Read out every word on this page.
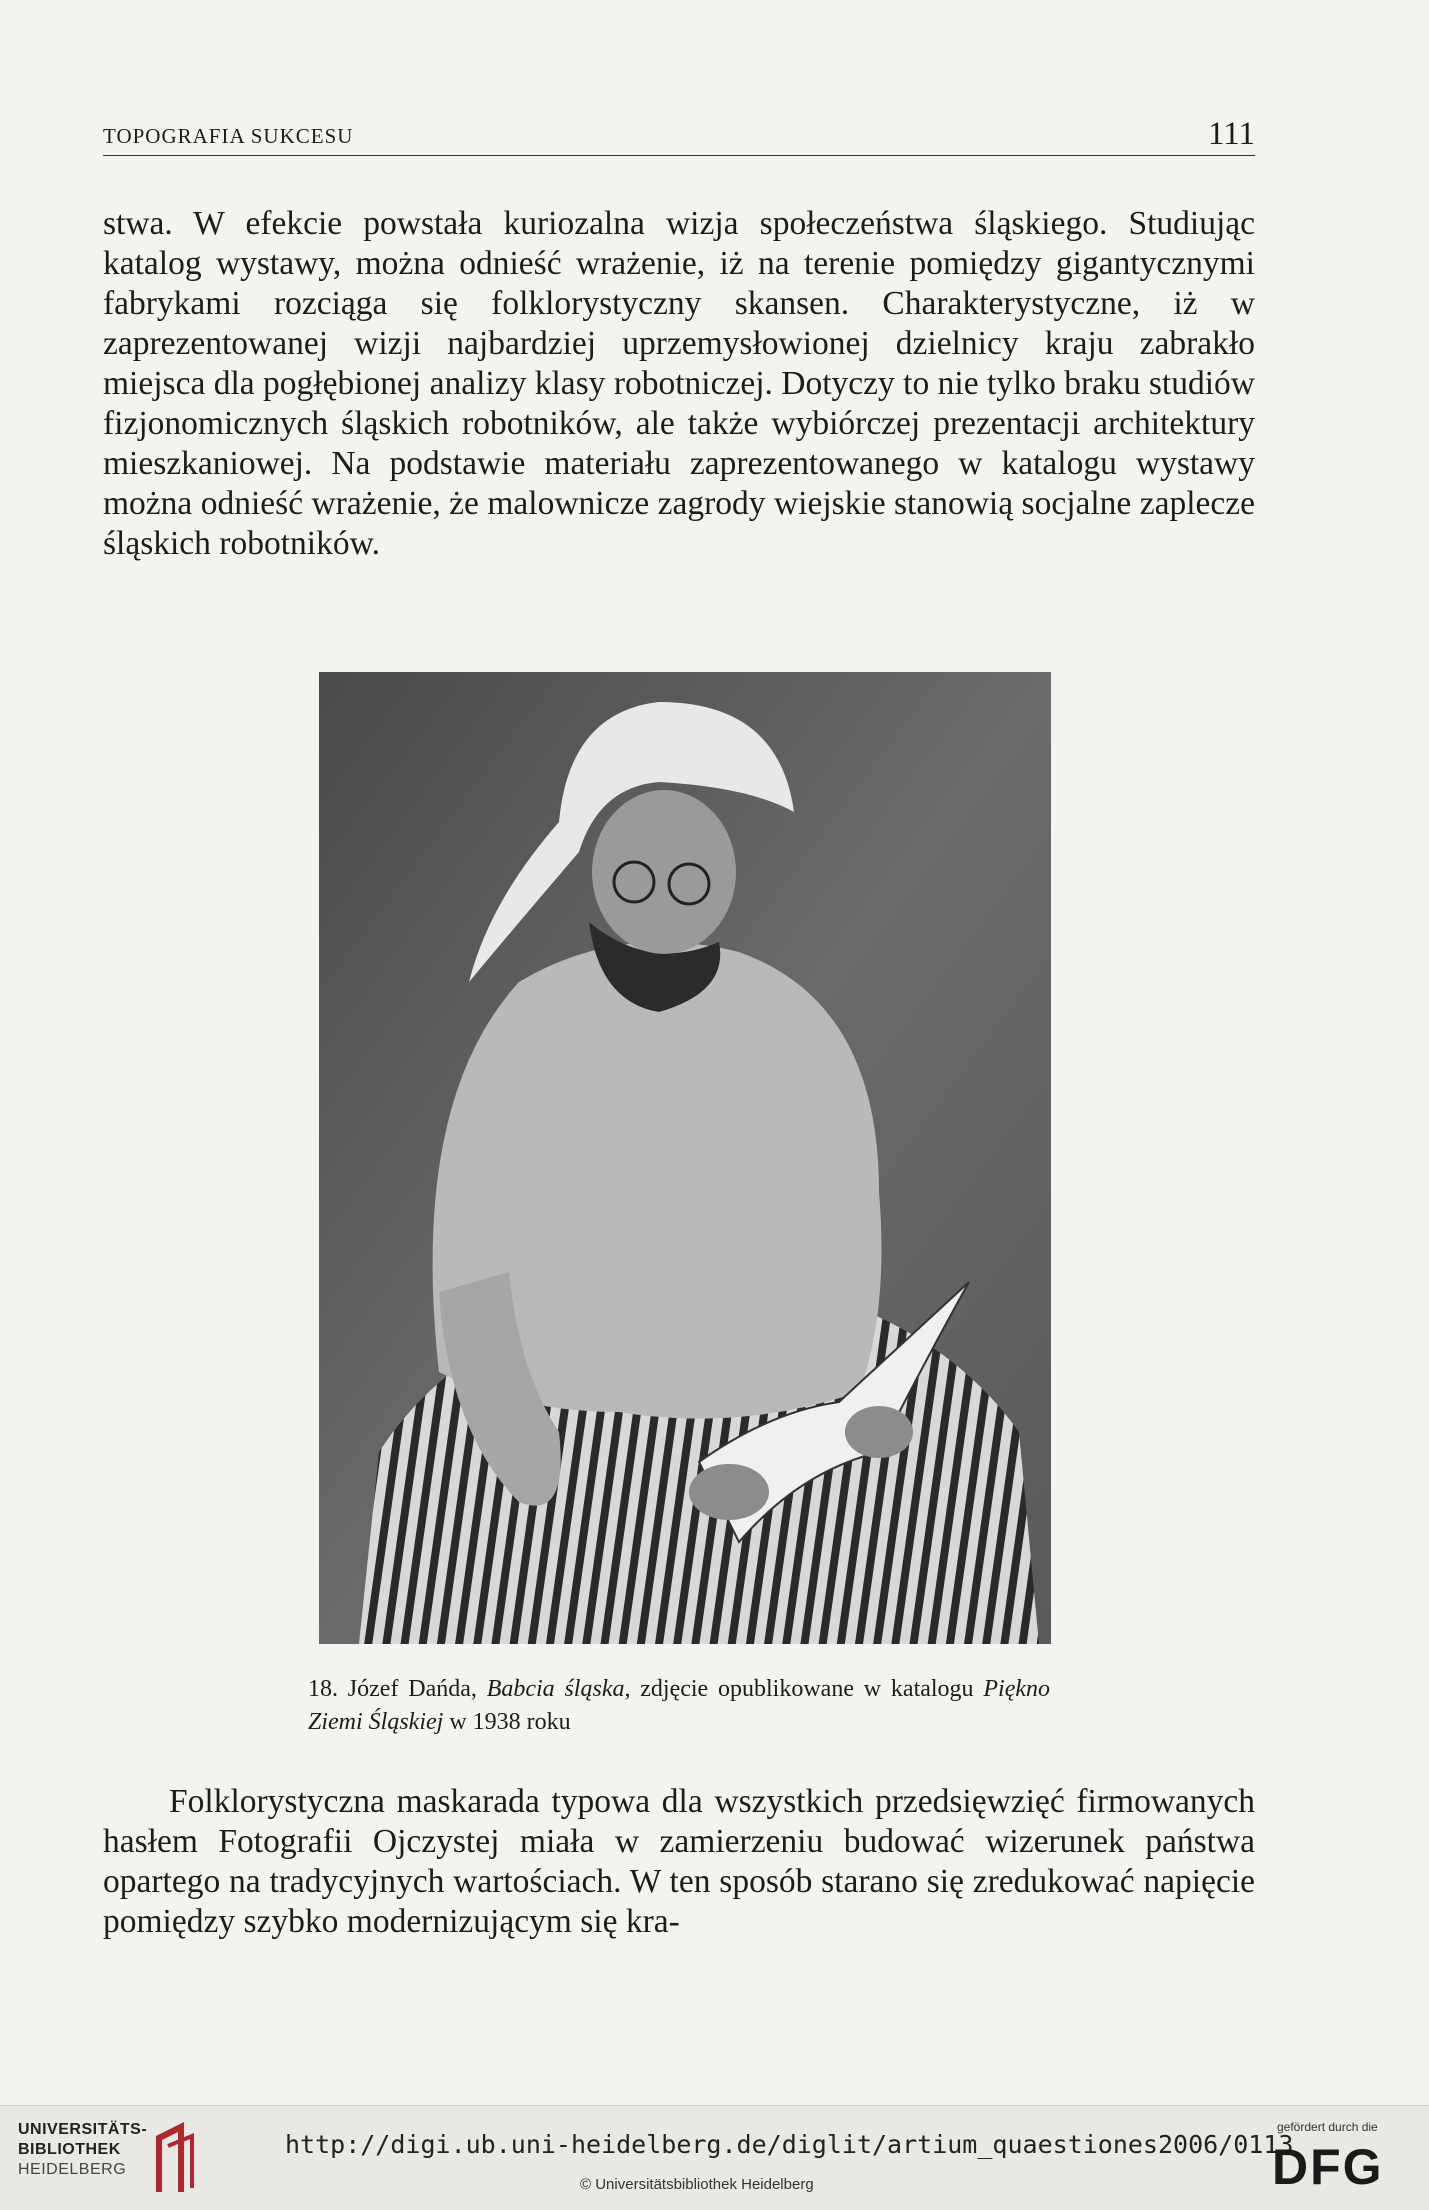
TOPOGRAFIA SUKCESU	111

stwa. W efekcie powstała kuriozalna wizja społeczeństwa śląskiego. Studiując katalog wystawy, można odnieść wrażenie, iż na terenie pomiędzy gigantycznymi fabrykami rozciąga się folklorystyczny skansen. Charakterystyczne, iż w zaprezentowanej wizji najbardziej uprzemysłowionej dzielnicy kraju zabrakło miejsca dla pogłębionej analizy klasy robotniczej. Dotyczy to nie tylko braku studiów fizjonomicznych śląskich robotników, ale także wybiórczej prezentacji architektury mieszkaniowej. Na podstawie materiału zaprezentowanego w katalogu wystawy można odnieść wrażenie, że malownicze zagrody wiejskie stanowią socjalne zaplecze śląskich robotników.

18. Józef Dańda, Babcia śląska, zdjęcie opublikowane w katalogu Piękno Ziemi Śląskiej w 1938 roku

Folklorystyczna maskarada typowa dla wszystkich przedsięwzięć firmowanych hasłem Fotografii Ojczystej miała w zamierzeniu budować wizerunek państwa opartego na tradycyjnych wartościach. W ten sposób starano się zredukować napięcie pomiędzy szybko modernizującym się kra-

UNIVERSITÄTS-
BIBLIOTHEK
HEIDELBERG
http://digi.ub.uni-heidelberg.de/diglit/artium_quaestiones2006/0113
© Universitätsbibliothek Heidelberg
gefördert durch die
DFG
